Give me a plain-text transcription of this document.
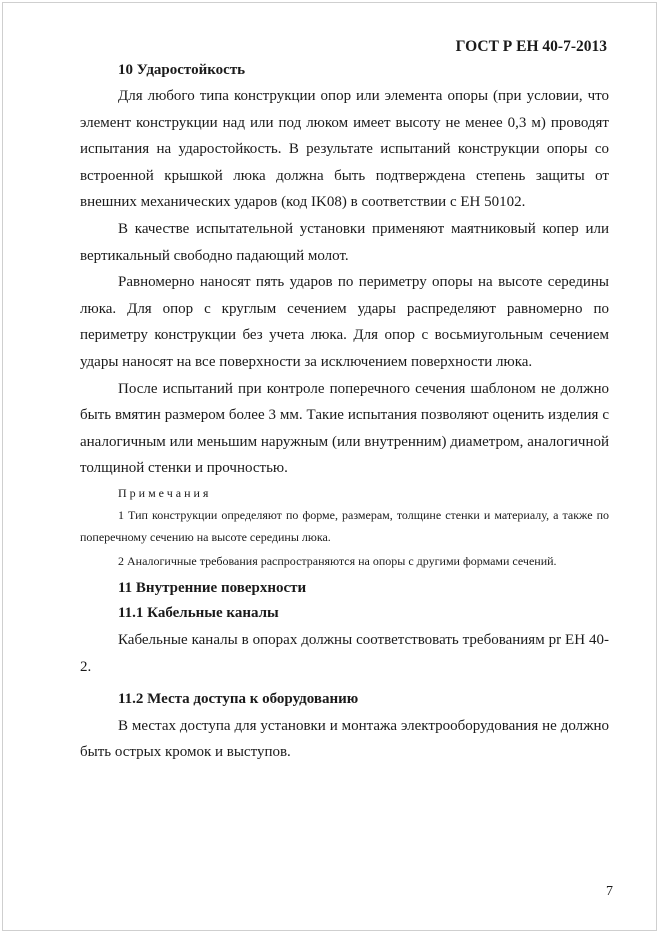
ГОСТ Р ЕН 40-7-2013

10 Ударостойкость

Для любого типа конструкции опор или элемента опоры (при условии, что элемент конструкции над или под люком имеет высоту не менее 0,3 м) проводят испытания на ударостойкость. В результате испытаний конструкции опоры со встроенной крышкой люка должна быть подтверждена степень защиты от внешних механических ударов (код IK08) в соответствии с ЕН 50102.

В качестве испытательной установки применяют маятниковый копер или вертикальный свободно падающий молот.

Равномерно наносят пять ударов по периметру опоры на высоте середины люка. Для опор с круглым сечением удары распределяют равномерно по периметру конструкции без учета люка. Для опор с восьмиугольным сечением удары наносят на все поверхности за исключением поверхности люка.

После испытаний при контроле поперечного сечения шаблоном не должно быть вмятин размером более 3 мм. Такие испытания позволяют оценить изделия с аналогичным или меньшим наружным (или внутренним) диаметром, аналогичной толщиной стенки и прочностью.

Примечания

1 Тип конструкции определяют по форме, размерам, толщине стенки и материалу, а также по поперечному сечению на высоте середины люка.

2 Аналогичные требования распространяются на опоры с другими формами сечений.

11 Внутренние поверхности

11.1 Кабельные каналы

Кабельные каналы в опорах должны соответствовать требованиям pr ЕН 40-2.

11.2 Места доступа к оборудованию

В местах доступа для установки и монтажа электрооборудования не должно быть острых кромок и выступов.

7
